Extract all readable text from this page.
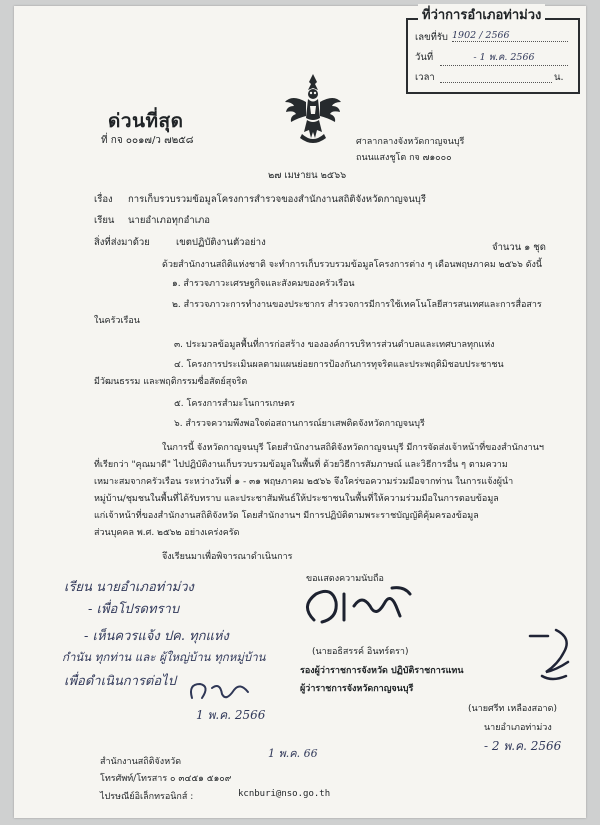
ที่ว่าการอำเภอท่าม่วง
เลขที่รับ 1902 / 2566
วันที่	- 1 พ.ค. 2566
เวลา	น.
ด่วนที่สุด
ที่ กจ ๐๐๑๗/ว ๗๒๕๘	ศาลากลางจังหวัดกาญจนบุรี
ถนนแสงชูโต กจ ๗๑๐๐๐
๒๗ เมษายน ๒๕๖๖
เรื่อง การเก็บรวบรวมข้อมูลโครงการสำรวจของสำนักงานสถิติจังหวัดกาญจนบุรี
เรียน นายอำเภอทุกอำเภอ
สิ่งที่ส่งมาด้วย	เขตปฏิบัติงานตัวอย่าง	จำนวน ๑ ชุด
ด้วยสำนักงานสถิติแห่งชาติ จะทำการเก็บรวบรวมข้อมูลโครงการต่าง ๆ เดือนพฤษภาคม ๒๕๖๖ ดังนี้
๑. สำรวจภาวะเศรษฐกิจและสังคมของครัวเรือน
๒. สำรวจภาวะการทำงานของประชากร สำรวจการมีการใช้เทคโนโลยีสารสนเทศและการสื่อสาร
ในครัวเรือน
๓. ประมวลข้อมูลพื้นที่การก่อสร้าง ขององค์การบริหารส่วนตำบลและเทศบาลทุกแห่ง
๔. โครงการประเมินผลตามแผนย่อยการป้องกันการทุจริตและประพฤติมิชอบประชาชน
มีวัฒนธรรม และพฤติกรรมซื่อสัตย์สุจริต
๕. โครงการสำมะโนการเกษตร
๖. สำรวจความพึงพอใจต่อสถานการณ์ยาเสพติดจังหวัดกาญจนบุรี
ในการนี้ จังหวัดกาญจนบุรี โดยสำนักงานสถิติจังหวัดกาญจนบุรี มีการจัดส่งเจ้าหน้าที่ของสำนักงานฯ
ที่เรียกว่า "คุณมาดี" ไปปฏิบัติงานเก็บรวบรวมข้อมูลในพื้นที่ ด้วยวิธีการสัมภาษณ์ และวิธีการอื่น ๆ ตามความ
เหมาะสมจากครัวเรือน ระหว่างวันที่ ๑ - ๓๑ พฤษภาคม ๒๕๖๖ จึงใคร่ขอความร่วมมือจากท่าน ในการแจ้งผู้นำ
หมู่บ้าน/ชุมชนในพื้นที่ได้รับทราบ และประชาสัมพันธ์ให้ประชาชนในพื้นที่ให้ความร่วมมือในการตอบข้อมูล
แก่เจ้าหน้าที่ของสำนักงานสถิติจังหวัด โดยสำนักงานฯ มีการปฏิบัติตามพระราชบัญญัติคุ้มครองข้อมูล
ส่วนบุคคล พ.ศ. ๒๕๖๒ อย่างเคร่งครัด
จึงเรียนมาเพื่อพิจารณาดำเนินการ
ขอแสดงความนับถือ
(นายอธิสรรค์ อินทร์ตรา)
รองผู้ว่าราชการจังหวัด ปฏิบัติราชการแทน
ผู้ว่าราชการจังหวัดกาญจนบุรี
เรียน นายอำเภอท่าม่วง
- เพื่อโปรดทราบ
- เห็นควรแจ้ง ปค. ทุกแห่ง
กำนัน ทุกท่าน และ ผู้ใหญ่บ้าน ทุกหมู่บ้าน
เพื่อดำเนินการต่อไป
1 พ.ค. 2566
1 พ.ค. 66
(นายศรีท เหลืองสอาด)
นายอำเภอท่าม่วง
- 2 พ.ค. 2566
สำนักงานสถิติจังหวัด
โทรศัพท์/โทรสาร ๐ ๓๔๕๑ ๕๑๐๙
ไปรษณีย์อิเล็กทรอนิกส์ :	kcnburi@nso.go.th
